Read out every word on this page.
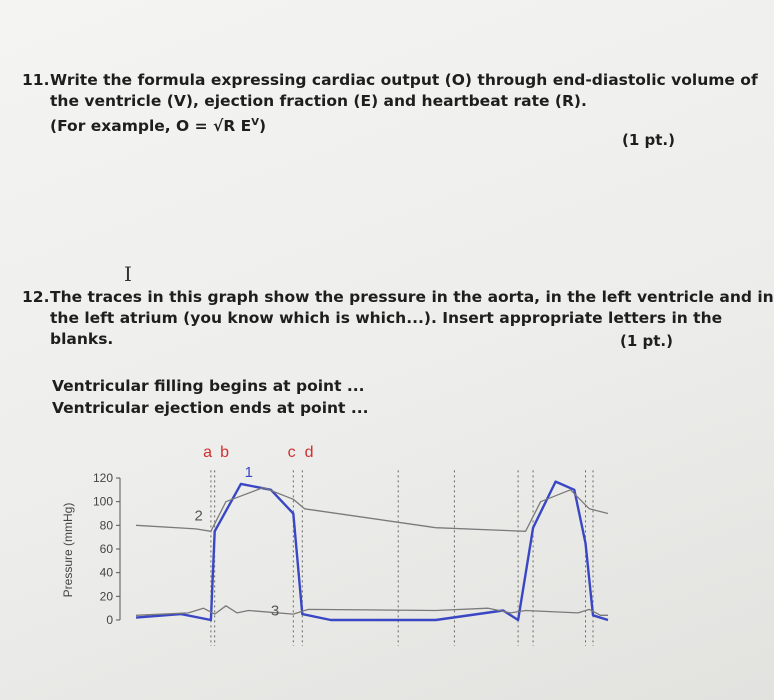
11. Write the formula expressing cardiac output (O) through end-diastolic volume of
the ventricle (V), ejection fraction (E) and heartbeat rate (R).
(For example, O = √R $E^V$)
(1 pt.)
I
12. The traces in this graph show the pressure in the aorta, in the left ventricle and in
the left atrium (you know which is which...). Insert appropriate letters in the
blanks.	(1 pt.)
Ventricular filling begins at point ...
Ventricular ejection ends at point ...
120
100
80
60
40
20
0
Pressure (mmHg)
1
2
3
a b	c d
